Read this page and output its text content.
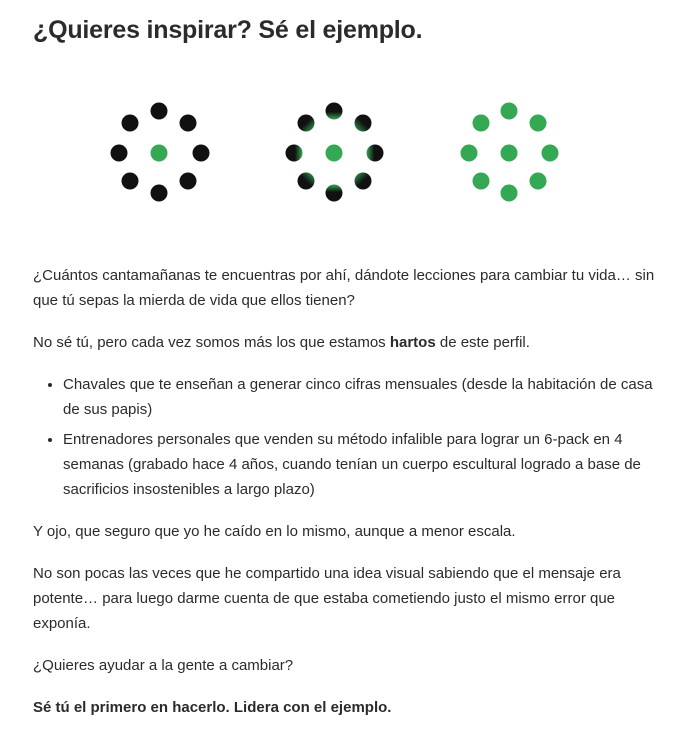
¿Quieres inspirar? Sé el ejemplo.

¿Cuántos cantamañanas te encuentras por ahí, dándote lecciones para cambiar tu vida… sin que tú sepas la mierda de vida que ellos tienen?

No sé tú, pero cada vez somos más los que estamos hartos de este perfil.

• Chavales que te enseñan a generar cinco cifras mensuales (desde la habitación de casa de sus papis)
• Entrenadores personales que venden su método infalible para lograr un 6-pack en 4 semanas (grabado hace 4 años, cuando tenían un cuerpo escultural logrado a base de sacrificios insostenibles a largo plazo)

Y ojo, que seguro que yo he caído en lo mismo, aunque a menor escala.

No son pocas las veces que he compartido una idea visual sabiendo que el mensaje era potente… para luego darme cuenta de que estaba cometiendo justo el mismo error que exponía.

¿Quieres ayudar a la gente a cambiar?

Sé tú el primero en hacerlo. Lidera con el ejemplo.
